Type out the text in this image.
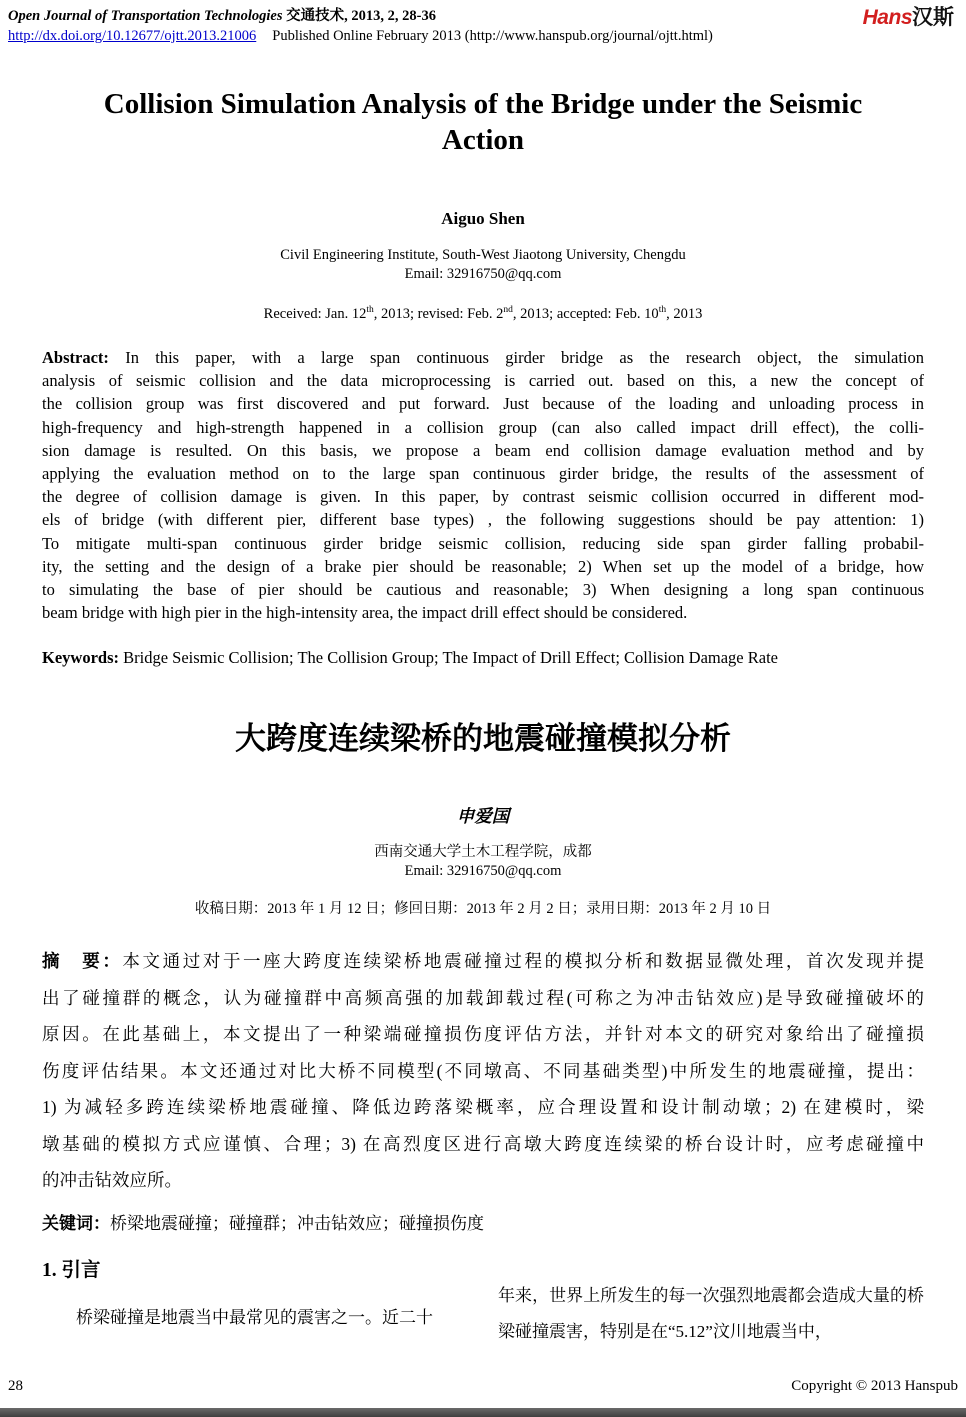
Open Journal of Transportation Technologies 交通技术, 2013, 2, 28-36
http://dx.doi.org/10.12677/ojtt.2013.21006 Published Online February 2013 (http://www.hanspub.org/journal/ojtt.html)
Hans汉斯
Collision Simulation Analysis of the Bridge under the Seismic Action
Aiguo Shen
Civil Engineering Institute, South-West Jiaotong University, Chengdu
Email: 32916750@qq.com
Received: Jan. 12th, 2013; revised: Feb. 2nd, 2013; accepted: Feb. 10th, 2013
Abstract: In this paper, with a large span continuous girder bridge as the research object, the simulation
analysis of seismic collision and the data microprocessing is carried out. based on this, a new the concept of
the collision group was first discovered and put forward. Just because of the loading and unloading process in
high-frequency and high-strength happened in a collision group (can also called impact drill effect), the colli-
sion damage is resulted. On this basis, we propose a beam end collision damage evaluation method and by
applying the evaluation method on to the large span continuous girder bridge, the results of the assessment of
the degree of collision damage is given. In this paper, by contrast seismic collision occurred in different mod-
els of bridge (with different pier, different base types) , the following suggestions should be pay attention: 1)
To mitigate multi-span continuous girder bridge seismic collision, reducing side span girder falling probabil-
ity, the setting and the design of a brake pier should be reasonable; 2) When set up the model of a bridge, how
to simulating the base of pier should be cautious and reasonable; 3) When designing a long span continuous
beam bridge with high pier in the high-intensity area, the impact drill effect should be considered.
Keywords: Bridge Seismic Collision; The Collision Group; The Impact of Drill Effect; Collision Damage Rate
大跨度连续梁桥的地震碰撞模拟分析
申爱国
西南交通大学土木工程学院，成都
Email: 32916750@qq.com
收稿日期：2013 年 1 月 12 日；修回日期：2013 年 2 月 2 日；录用日期：2013 年 2 月 10 日
摘　要：本文通过对于一座大跨度连续梁桥地震碰撞过程的模拟分析和数据显微处理，首次发现并提
出了碰撞群的概念，认为碰撞群中高频高强的加载卸载过程(可称之为冲击钻效应)是导致碰撞破坏的
原因。在此基础上，本文提出了一种梁端碰撞损伤度评估方法，并针对本文的研究对象给出了碰撞损
伤度评估结果。本文还通过对比大桥不同模型(不同墩高、不同基础类型)中所发生的地震碰撞，提出：
1) 为减轻多跨连续梁桥地震碰撞、降低边跨落梁概率，应合理设置和设计制动墩；2) 在建模时，梁
墩基础的模拟方式应谨慎、合理；3) 在高烈度区进行高墩大跨度连续梁的桥台设计时，应考虑碰撞中
的冲击钻效应所。
关键词：桥梁地震碰撞；碰撞群；冲击钻效应；碰撞损伤度
1. 引言

桥梁碰撞是地震当中最常见的震害之一。近二十

年来，世界上所发生的每一次强烈地震都会造成大量的桥梁碰撞震害，特别是在“5.12”汶川地震当中，

28	Copyright © 2013 Hanspub
